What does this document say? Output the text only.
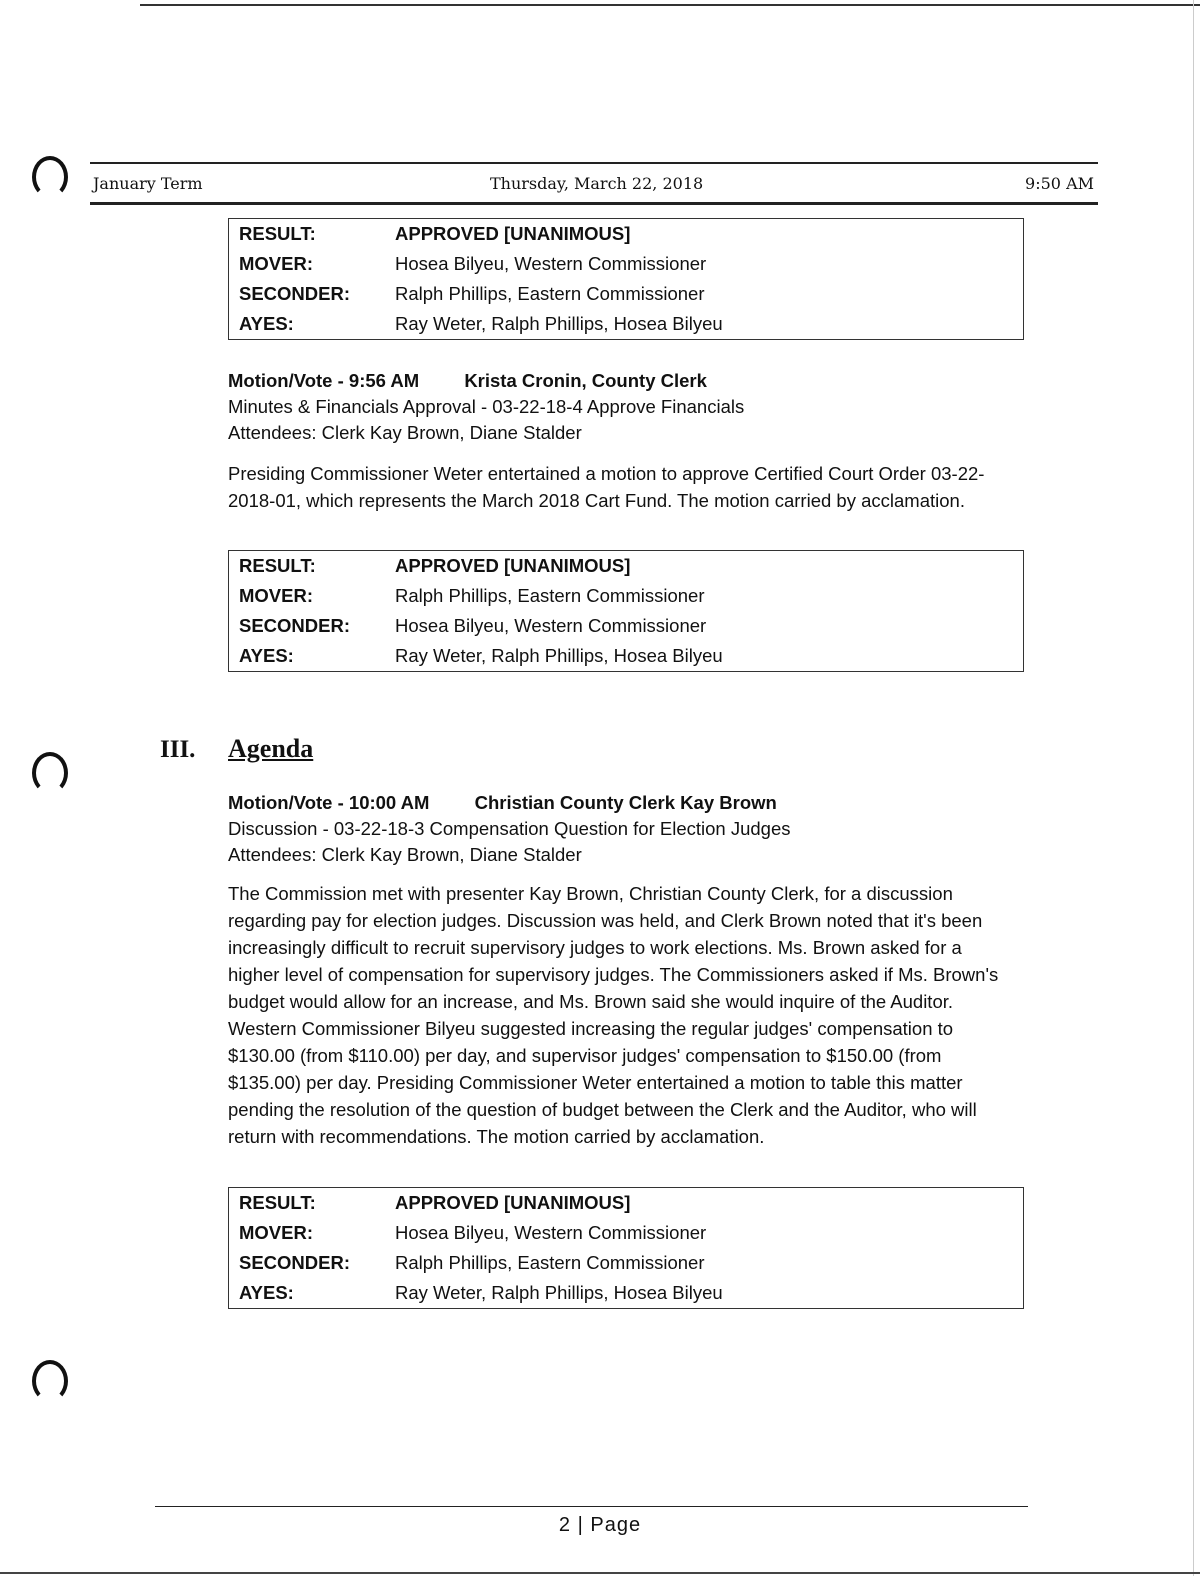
January Term	Thursday, March 22, 2018	9:50 AM
RESULT:	APPROVED [UNANIMOUS]
MOVER:	Hosea Bilyeu, Western Commissioner
SECONDER:	Ralph Phillips, Eastern Commissioner
AYES:	Ray Weter, Ralph Phillips, Hosea Bilyeu
Motion/Vote - 9:56 AM Krista Cronin, County Clerk
Minutes & Financials Approval - 03-22-18-4 Approve Financials
Attendees: Clerk Kay Brown, Diane Stalder
Presiding Commissioner Weter entertained a motion to approve Certified Court Order 03-22-2018-01, which represents the March 2018 Cart Fund. The motion carried by acclamation.
RESULT:	APPROVED [UNANIMOUS]
MOVER:	Ralph Phillips, Eastern Commissioner
SECONDER:	Hosea Bilyeu, Western Commissioner
AYES:	Ray Weter, Ralph Phillips, Hosea Bilyeu
III. Agenda
Motion/Vote - 10:00 AM Christian County Clerk Kay Brown
Discussion - 03-22-18-3 Compensation Question for Election Judges
Attendees: Clerk Kay Brown, Diane Stalder
The Commission met with presenter Kay Brown, Christian County Clerk, for a discussion regarding pay for election judges. Discussion was held, and Clerk Brown noted that it's been increasingly difficult to recruit supervisory judges to work elections. Ms. Brown asked for a higher level of compensation for supervisory judges. The Commissioners asked if Ms. Brown's budget would allow for an increase, and Ms. Brown said she would inquire of the Auditor. Western Commissioner Bilyeu suggested increasing the regular judges' compensation to $130.00 (from $110.00) per day, and supervisor judges' compensation to $150.00 (from $135.00) per day. Presiding Commissioner Weter entertained a motion to table this matter pending the resolution of the question of budget between the Clerk and the Auditor, who will return with recommendations. The motion carried by acclamation.
RESULT:	APPROVED [UNANIMOUS]
MOVER:	Hosea Bilyeu, Western Commissioner
SECONDER:	Ralph Phillips, Eastern Commissioner
AYES:	Ray Weter, Ralph Phillips, Hosea Bilyeu
2 | Page
